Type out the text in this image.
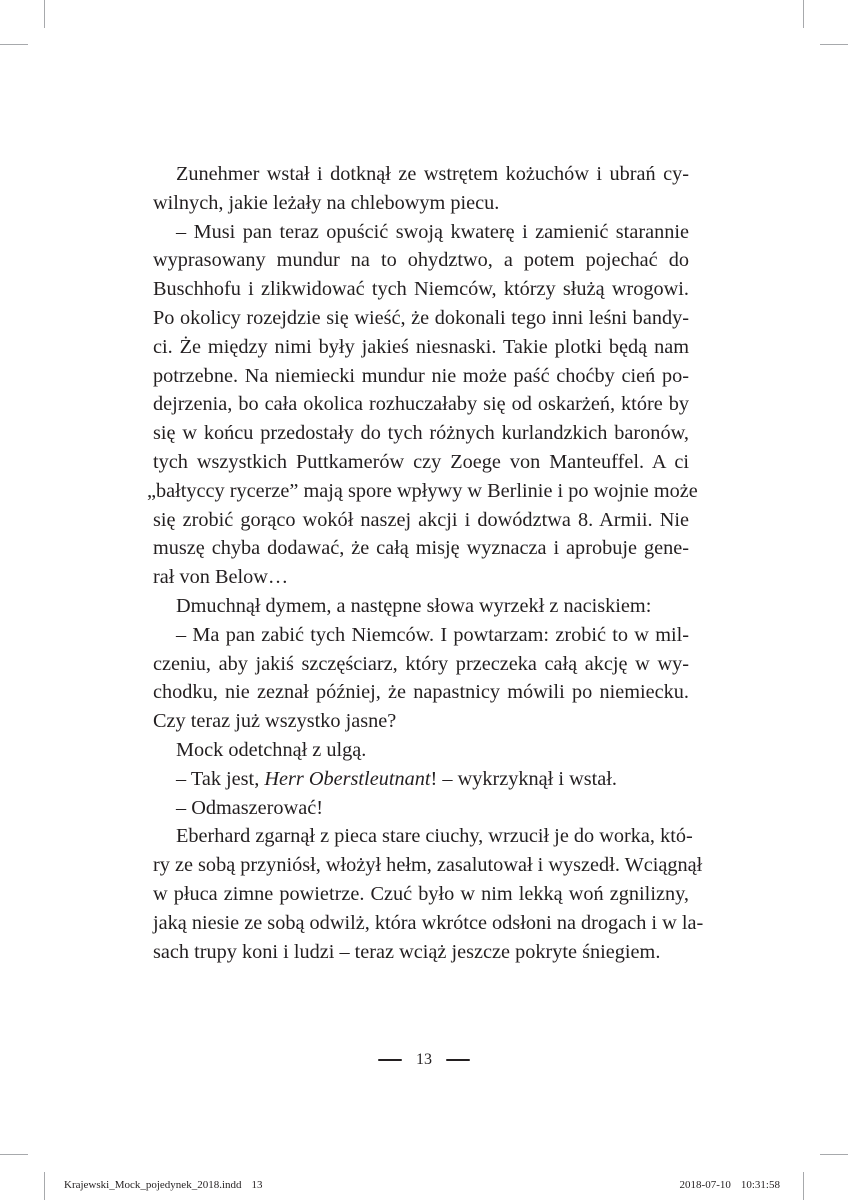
Zunehmer wstał i dotknął ze wstrętem kożuchów i ubrań cy-
wilnych, jakie leżały na chlebowym piecu.
– Musi pan teraz opuścić swoją kwaterę i zamienić starannie
wyprasowany mundur na to ohydztwo, a potem pojechać do
Buschhofu i zlikwidować tych Niemców, którzy służą wrogowi.
Po okolicy rozejdzie się wieść, że dokonali tego inni leśni bandy-
ci. Że między nimi były jakieś niesnaski. Takie plotki będą nam
potrzebne. Na niemiecki mundur nie może paść choćby cień po-
dejrzenia, bo cała okolica rozhuczałaby się od oskarżeń, które by
się w końcu przedostały do tych różnych kurlandzkich baronów,
tych wszystkich Puttkamerów czy Zoege von Manteuffel. A ci
„bałtyccy rycerze” mają spore wpływy w Berlinie i po wojnie może
się zrobić gorąco wokół naszej akcji i dowództwa 8. Armii. Nie
muszę chyba dodawać, że całą misję wyznacza i aprobuje gene-
rał von Below…
Dmuchnął dymem, a następne słowa wyrzekł z naciskiem:
– Ma pan zabić tych Niemców. I powtarzam: zrobić to w mil-
czeniu, aby jakiś szczęściarz, który przeczeka całą akcję w wy-
chodku, nie zeznał później, że napastnicy mówili po niemiecku.
Czy teraz już wszystko jasne?
Mock odetchnął z ulgą.
– Tak jest, Herr Oberstleutnant! – wykrzyknął i wstał.
– Odmaszerować!
Eberhard zgarnął z pieca stare ciuchy, wrzucił je do worka, któ-
ry ze sobą przyniósł, włożył hełm, zasalutował i wyszedł. Wciągnął
w płuca zimne powietrze. Czuć było w nim lekką woń zgnilizny,
jaką niesie ze sobą odwilż, która wkrótce odsłoni na drogach i w la-
sach trupy koni i ludzi – teraz wciąż jeszcze pokryte śniegiem.
13
Krajewski_Mock_pojedynek_2018.indd 13	2018-07-10 10:31:58
